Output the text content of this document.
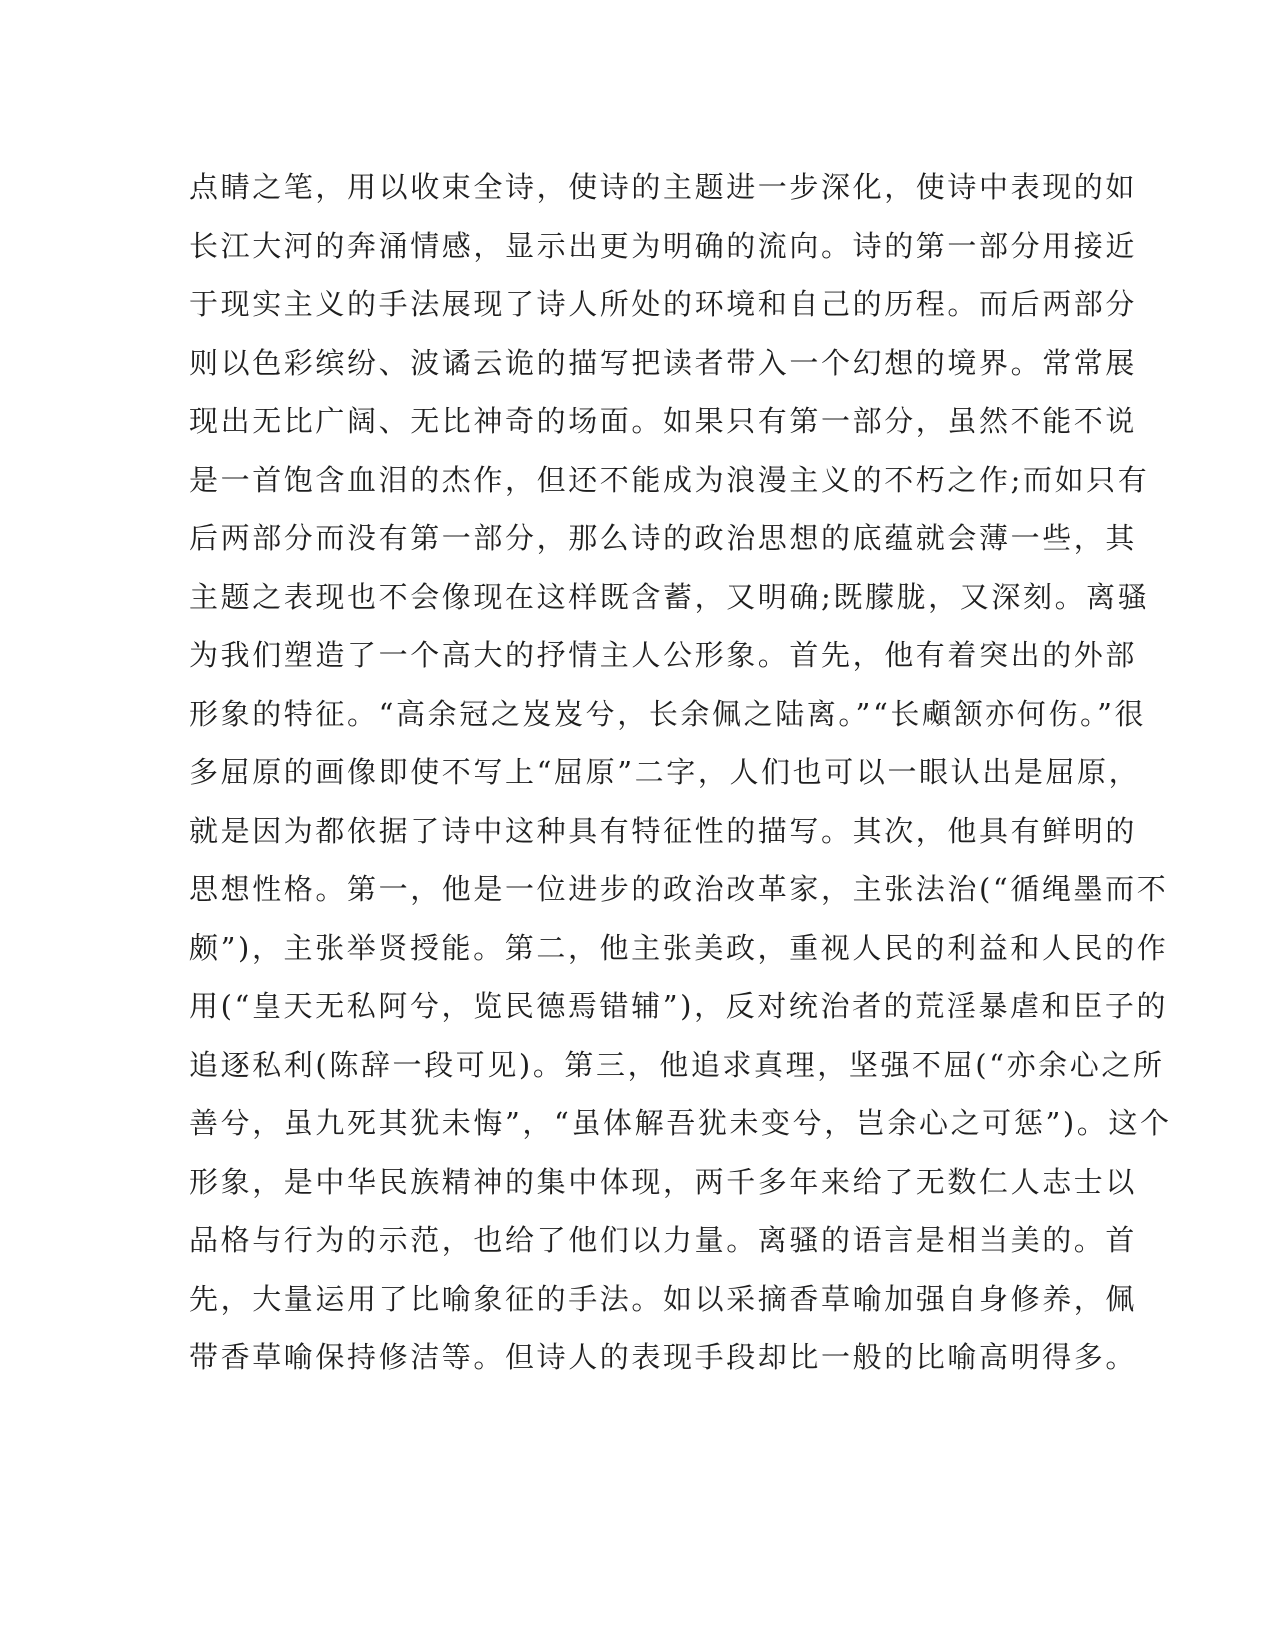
点睛之笔，用以收束全诗，使诗的主题进一步深化，使诗中表现的如
长江大河的奔涌情感，显示出更为明确的流向。诗的第一部分用接近
于现实主义的手法展现了诗人所处的环境和自己的历程。而后两部分
则以色彩缤纷、波谲云诡的描写把读者带入一个幻想的境界。常常展
现出无比广阔、无比神奇的场面。如果只有第一部分，虽然不能不说
是一首饱含血泪的杰作，但还不能成为浪漫主义的不朽之作;而如只有
后两部分而没有第一部分，那么诗的政治思想的底蕴就会薄一些，其
主题之表现也不会像现在这样既含蓄，又明确;既朦胧，又深刻。离骚
为我们塑造了一个高大的抒情主人公形象。首先，他有着突出的外部
形象的特征。“高余冠之岌岌兮，长余佩之陆离。”“长顑颔亦何伤。”很
多屈原的画像即使不写上“屈原”二字，人们也可以一眼认出是屈原，
就是因为都依据了诗中这种具有特征性的描写。其次，他具有鲜明的
思想性格。第一，他是一位进步的政治改革家，主张法治(“循绳墨而不
颇”)，主张举贤授能。第二，他主张美政，重视人民的利益和人民的作
用(“皇天无私阿兮，览民德焉错辅”)，反对统治者的荒淫暴虐和臣子的
追逐私利(陈辞一段可见)。第三，他追求真理，坚强不屈(“亦余心之所
善兮，虽九死其犹未悔”，“虽体解吾犹未变兮，岂余心之可惩”)。这个
形象，是中华民族精神的集中体现，两千多年来给了无数仁人志士以
品格与行为的示范，也给了他们以力量。离骚的语言是相当美的。首
先，大量运用了比喻象征的手法。如以采摘香草喻加强自身修养，佩
带香草喻保持修洁等。但诗人的表现手段却比一般的比喻高明得多。
